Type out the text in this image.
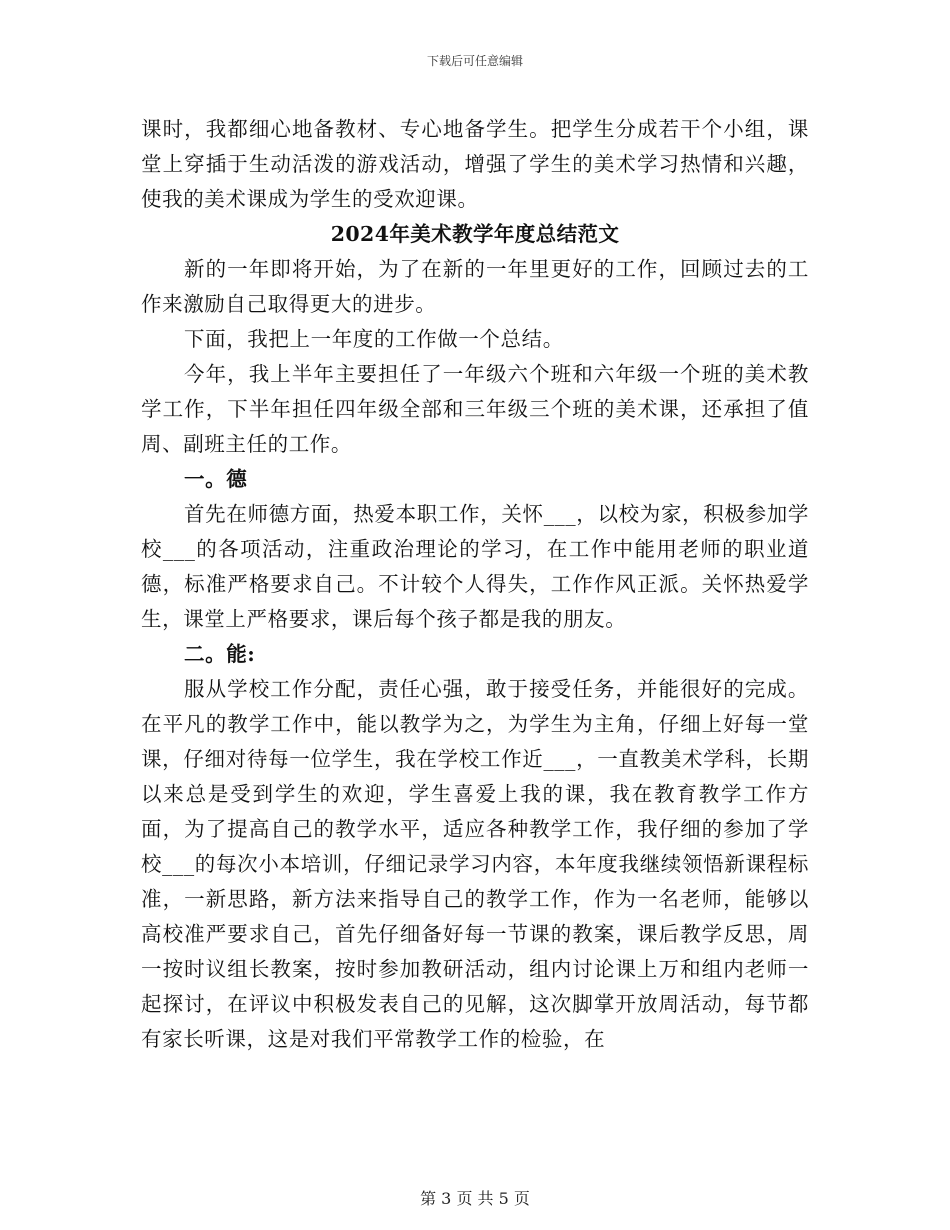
下载后可任意编辑

课时，我都细心地备教材、专心地备学生。把学生分成若干个小组，课堂上穿插于生动活泼的游戏活动，增强了学生的美术学习热情和兴趣，使我的美术课成为学生的受欢迎课。

2024年美术教学年度总结范文

新的一年即将开始，为了在新的一年里更好的工作，回顾过去的工作来激励自己取得更大的进步。

下面，我把上一年度的工作做一个总结。

今年，我上半年主要担任了一年级六个班和六年级一个班的美术教学工作，下半年担任四年级全部和三年级三个班的美术课，还承担了值周、副班主任的工作。

一。德

首先在师德方面，热爱本职工作，关怀___，以校为家，积极参加学校___的各项活动，注重政治理论的学习，在工作中能用老师的职业道德，标准严格要求自己。不计较个人得失，工作作风正派。关怀热爱学生，课堂上严格要求，课后每个孩子都是我的朋友。

二。能:

服从学校工作分配，责任心强，敢于接受任务，并能很好的完成。在平凡的教学工作中，能以教学为之，为学生为主角，仔细上好每一堂课，仔细对待每一位学生，我在学校工作近___，一直教美术学科，长期以来总是受到学生的欢迎，学生喜爱上我的课，我在教育教学工作方面，为了提高自己的教学水平，适应各种教学工作，我仔细的参加了学校___的每次小本培训，仔细记录学习内容，本年度我继续领悟新课程标准，一新思路，新方法来指导自己的教学工作，作为一名老师，能够以高校准严要求自己，首先仔细备好每一节课的教案，课后教学反思，周一按时议组长教案，按时参加教研活动，组内讨论课上万和组内老师一起探讨，在评议中积极发表自己的见解，这次脚掌开放周活动，每节都有家长听课，这是对我们平常教学工作的检验，在

第 3 页 共 5 页
